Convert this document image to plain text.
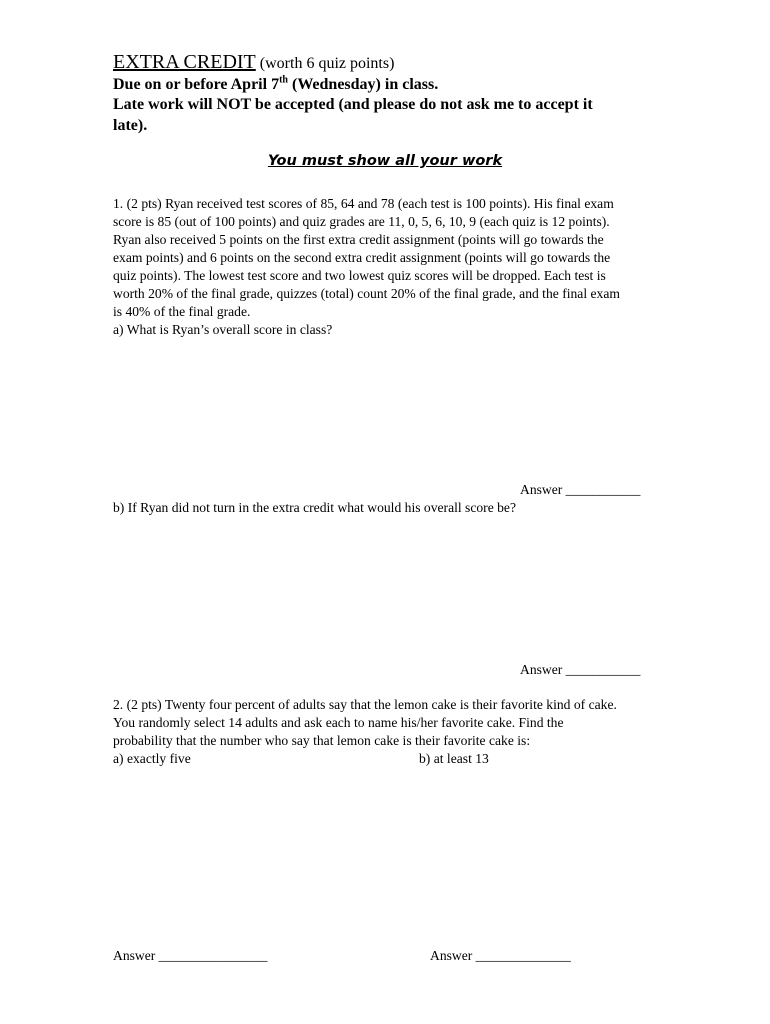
EXTRA CREDIT (worth 6 quiz points)
Due on or before April 7th (Wednesday) in class.
Late work will NOT be accepted (and please do not ask me to accept it
late).
You must show all your work
1. (2 pts) Ryan received test scores of 85, 64 and 78 (each test is 100 points). His final exam
score is 85 (out of 100 points) and quiz grades are 11, 0, 5, 6, 10, 9 (each quiz is 12 points).
Ryan also received 5 points on the first extra credit assignment (points will go towards the
exam points) and 6 points on the second extra credit assignment (points will go towards the
quiz points). The lowest test score and two lowest quiz scores will be dropped. Each test is
worth 20% of the final grade, quizzes (total) count 20% of the final grade, and the final exam
is 40% of the final grade.
a) What is Ryan’s overall score in class?
Answer ___________
b) If Ryan did not turn in the extra credit what would his overall score be?
Answer ___________
2. (2 pts) Twenty four percent of adults say that the lemon cake is their favorite kind of cake.
You randomly select 14 adults and ask each to name his/her favorite cake. Find the
probability that the number who say that lemon cake is their favorite cake is:
a) exactly five	b) at least 13
Answer ________________	Answer ______________
